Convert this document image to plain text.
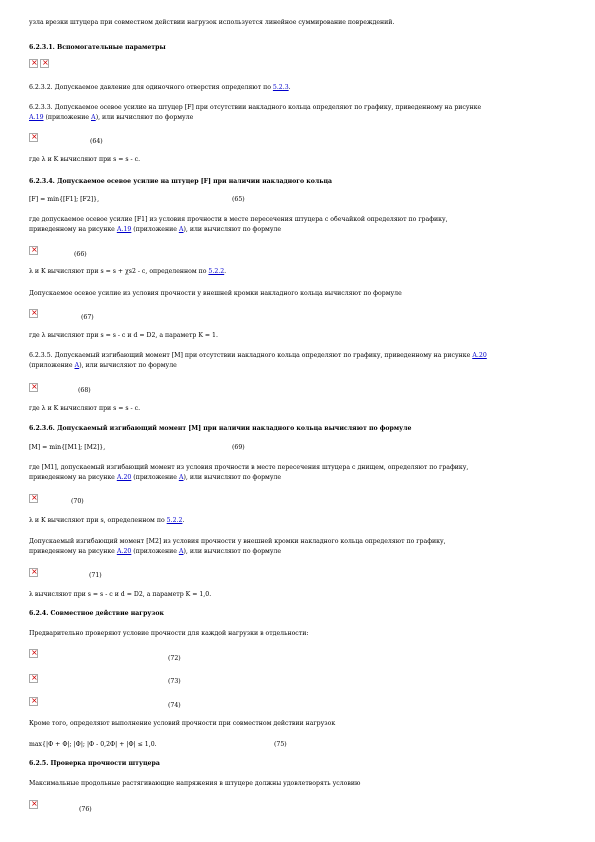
узла врезки штуцера при совместном действии нагрузок используется линейное суммирование повреждений.
6.2.3.1. Вспомогательные параметры
× ×
6.2.3.2. Допускаемое давление для одиночного отверстия определяют по 5.2.3.
6.2.3.3. Допускаемое осевое усилие на штуцер [F] при отсутствии накладного кольца определяют по графику, приведенному на рисунке
А.19 (приложение А), или вычисляют по формуле
×
(64)
где λ и K вычисляют при s = s - c.
6.2.3.4. Допускаемое осевое усилие на штуцер [F] при наличии накладного кольца
[F] = min{[F1]; [F2]},	(65)
где допускаемое осевое усилие [F1] из условия прочности в месте пересечения штуцера с обечайкой определяют по графику,
приведенному на рисунке А.19 (приложение А), или вычисляют по формуле
×
(66)
λ и K вычисляют при s = s + χs2 - c, определенном по 5.2.2.
Допускаемое осевое усилие из условия прочности у внешней кромки накладного кольца вычисляют по формуле
×
(67)
где λ вычисляют при s = s - c и d = D2, а параметр K = 1.
6.2.3.5. Допускаемый изгибающий момент [M] при отсутствии накладного кольца определяют по графику, приведенному на рисунке А.20
(приложение А), или вычисляют по формуле
×
(68)
где λ и K вычисляют при s = s - c.
6.2.3.6. Допускаемый изгибающий момент [M] при наличии накладного кольца вычисляют по формуле
[M] = min{[M1]; [M2]},	(69)
где [M1], допускаемый изгибающий момент из условия прочности в месте пересечения штуцера с днищем, определяют по графику,
приведенному на рисунке А.20 (приложение А), или вычисляют по формуле
×
(70)
λ и K вычисляют при s, определенном по 5.2.2.
Допускаемый изгибающий момент [M2] из условия прочности у внешней кромки накладного кольца определяют по графику,
приведенному на рисунке А.20 (приложение А), или вычисляют по формуле
×
(71)
λ вычисляют при s = s - c и d = D2, а параметр K = 1,0.
6.2.4. Совместное действие нагрузок
Предварительно проверяют условие прочности для каждой нагрузки в отдельности:
×
(72)
×
(73)
×
(74)
Кроме того, определяют выполнение условий прочности при совместном действии нагрузок
max{|Ф + Ф|; |Ф|; |Ф - 0,2Ф| + |Ф| ≤ 1,0.	(75)
6.2.5. Проверка прочности штуцера
Максимальные продольные растягивающие напряжения в штуцере должны удовлетворять условию
×
(76)
